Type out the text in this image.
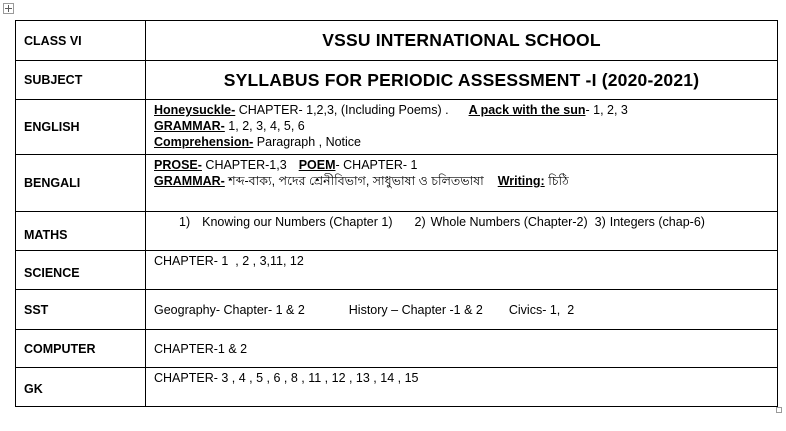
CLASS VI	VSSU INTERNATIONAL SCHOOL
SUBJECT	SYLLABUS FOR PERIODIC ASSESSMENT -I (2020-2021)
ENGLISH	Honeysuckle- CHAPTER- 1,2,3, (Including Poems) . A pack with the sun- 1, 2, 3
GRAMMAR- 1, 2, 3, 4, 5, 6
Comprehension- Paragraph , Notice

BENGALI	PROSE- CHAPTER-1,3 POEM- CHAPTER- 1
GRAMMAR- শব্দ-বাক্য, পদের শ্রেনীবিভাগ, সাধুভাষা ও চলিতভাষা Writing: চিঠি

MATHS	1) Knowing our Numbers (Chapter 1) 2) Whole Numbers (Chapter-2) 3) Integers (chap-6)
SCIENCE	CHAPTER- 1  , 2 , 3,11, 12
SST	Geography- Chapter- 1 & 2 History – Chapter -1 & 2 Civics- 1,  2
COMPUTER	CHAPTER-1 & 2
GK	CHAPTER- 3 , 4 , 5 , 6 , 8 , 11 , 12 , 13 , 14 , 15
